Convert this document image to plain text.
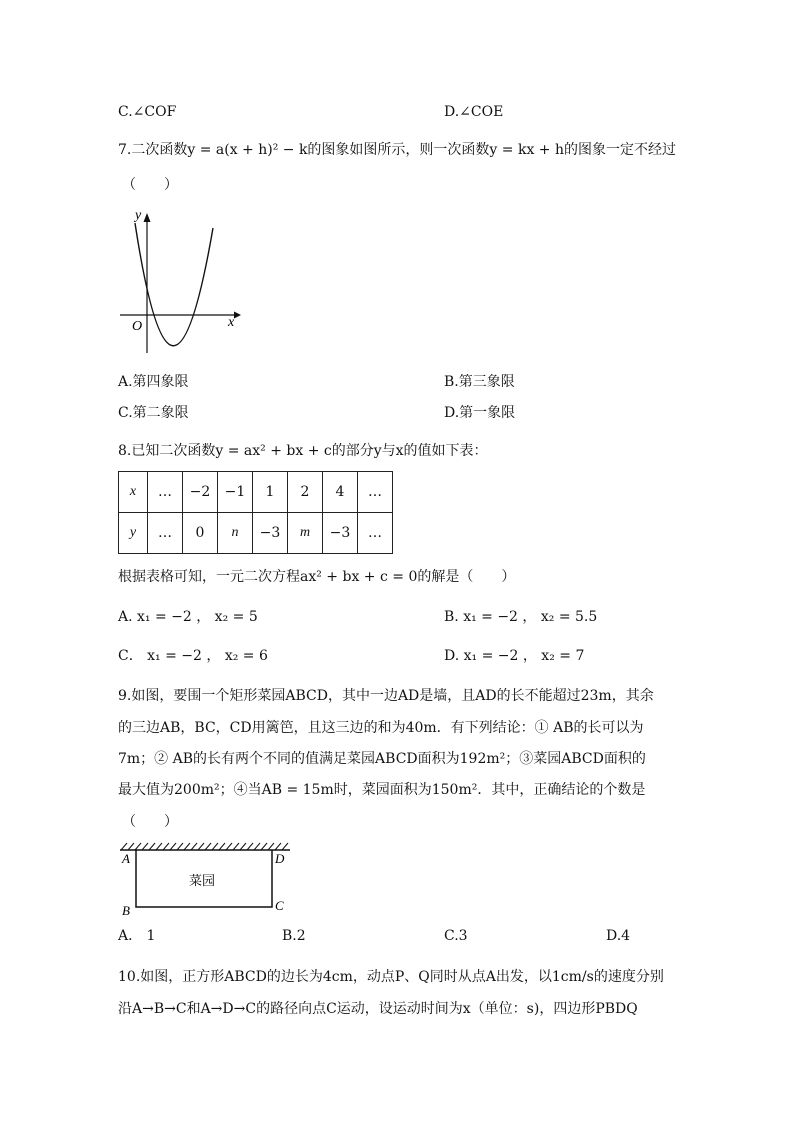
C.∠COF	D.∠COE
7.二次函数y = a(x + h)² − k的图象如图所示，则一次函数y = kx + h的图象一定不经过
（　　）
y
x
O
A.第四象限	B.第三象限
C.第二象限	D.第一象限
8.已知二次函数y = ax² + bx + c的部分y与x的值如下表：
x	…	−2	−1	1	2	4	…
y	…	0	n	−3	m	−3	…
根据表格可知，一元二次方程ax² + bx + c = 0的解是（　　）
A. x₁ = −2 ， x₂ = 5	B. x₁ = −2 ， x₂ = 5.5
C． x₁ = −2 ， x₂ = 6	D. x₁ = −2 ， x₂ = 7
9.如图，要围一个矩形菜园ABCD，其中一边AD是墙，且AD的长不能超过23m，其余
的三边AB，BC，CD用篱笆，且这三边的和为40m．有下列结论：① AB的长可以为
7m；② AB的长有两个不同的值满足菜园ABCD面积为192m²；③菜园ABCD面积的
最大值为200m²；④当AB = 15m时，菜园面积为150m²．其中，正确结论的个数是
（　　）
A	D
B	C
菜园
A． 1	B.2	C.3	D.4
10.如图，正方形ABCD的边长为4cm，动点P、Q同时从点A出发，以1cm/s的速度分别
沿A→B→C和A→D→C的路径向点C运动，设运动时间为x（单位：s)，四边形PBDQ
